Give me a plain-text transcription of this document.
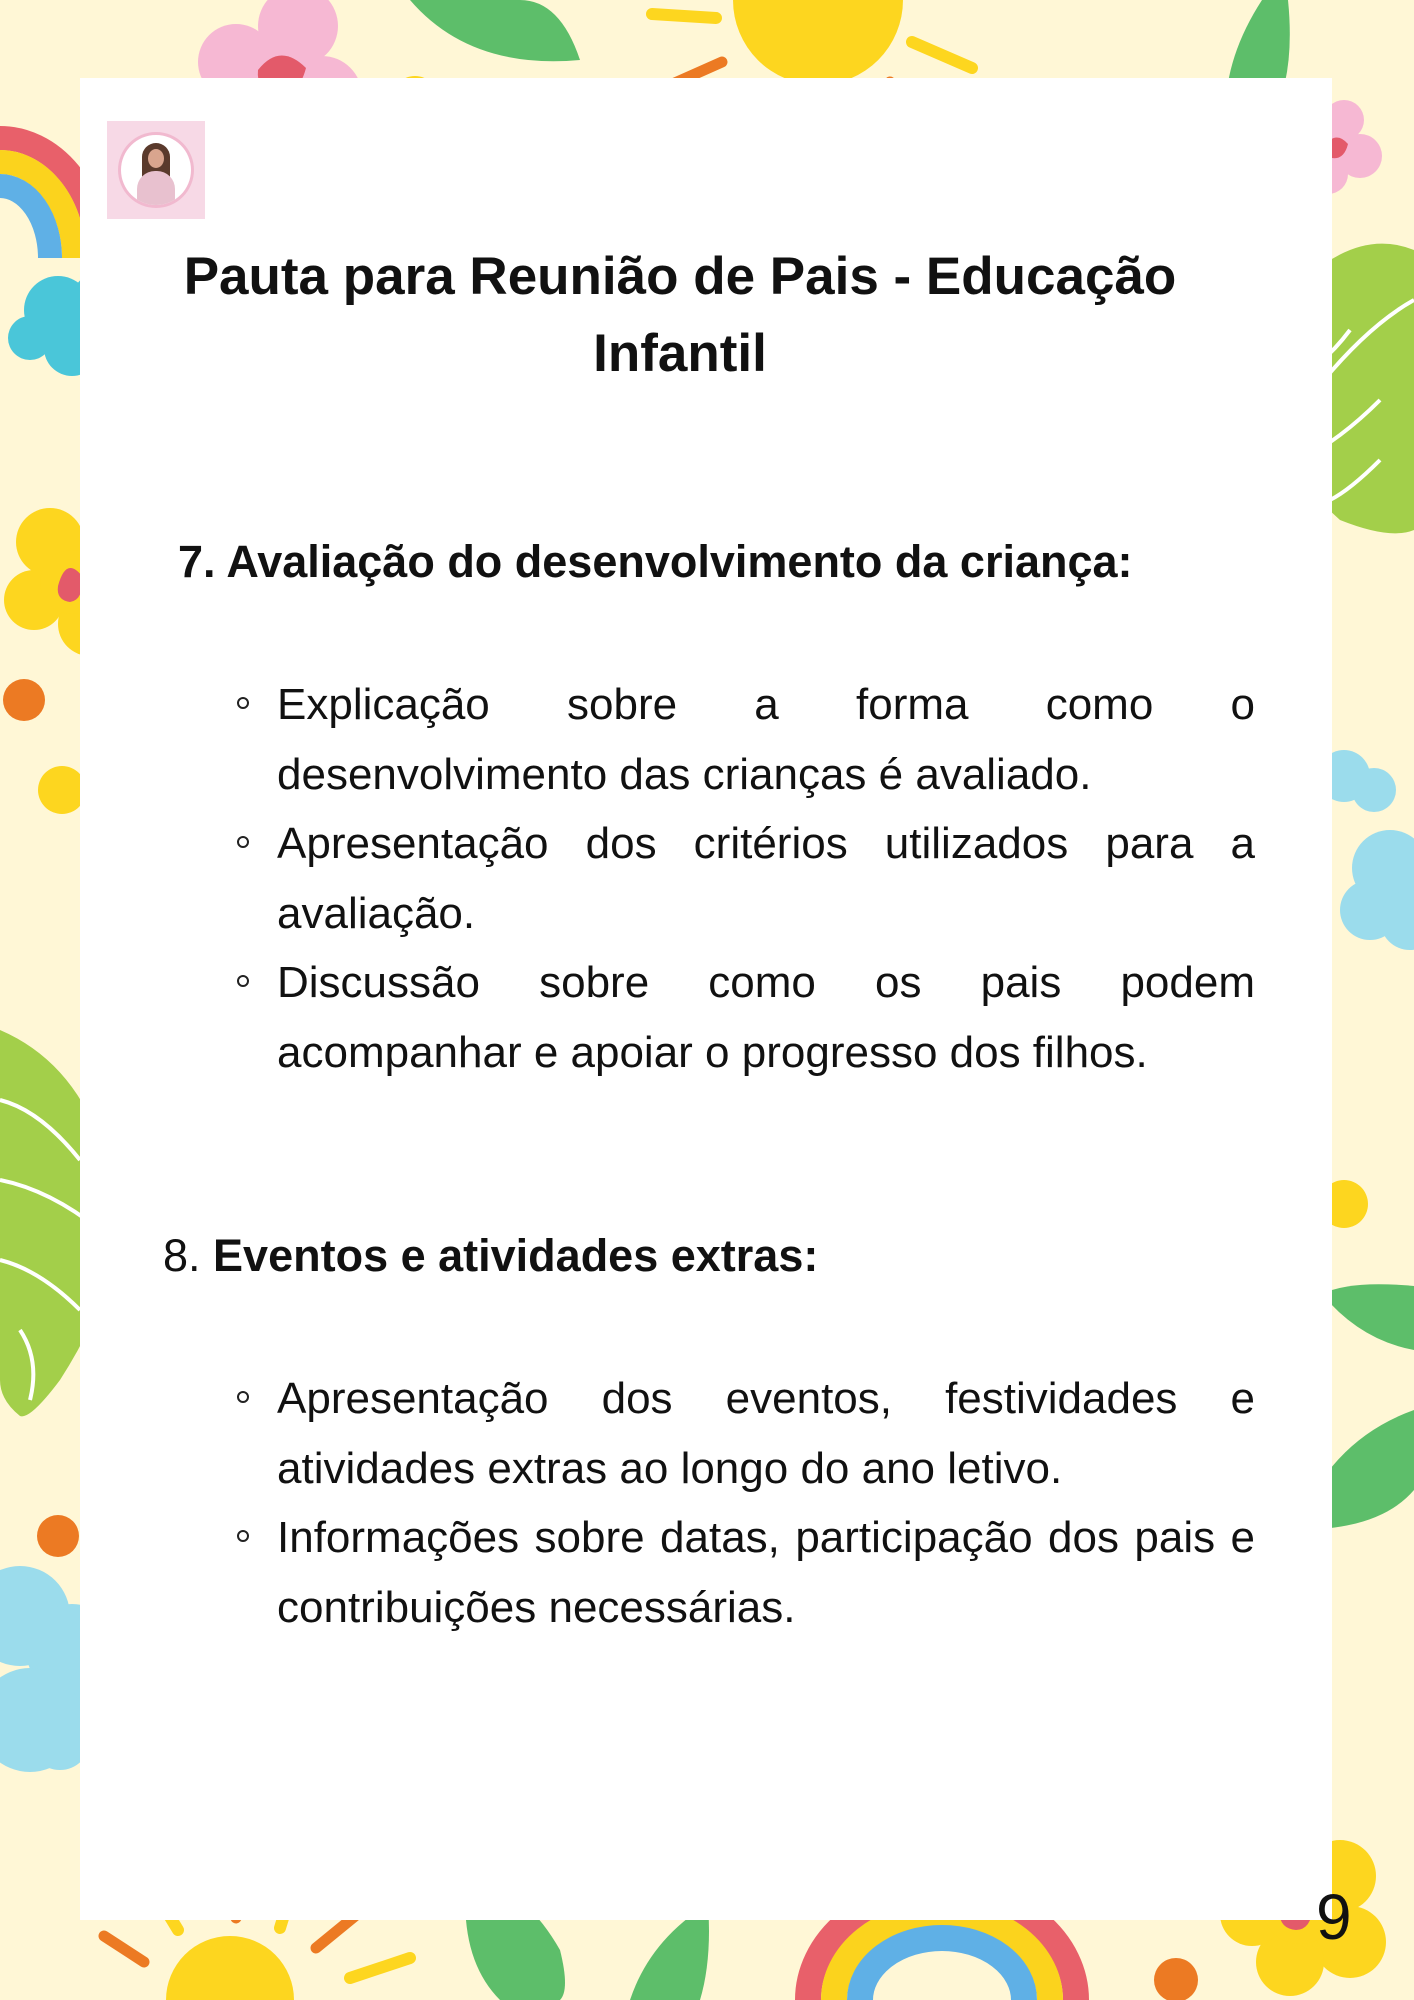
Pauta para Reunião de Pais - Educação Infantil
7. Avaliação do desenvolvimento da criança:
Explicação sobre a forma como o desenvolvimento das crianças é avaliado.
Apresentação dos critérios utilizados para a avaliação.
Discussão sobre como os pais podem acompanhar e apoiar o progresso dos filhos.
8. Eventos e atividades extras:
Apresentação dos eventos, festividades e atividades extras ao longo do ano letivo.
Informações sobre datas, participação dos pais e contribuições necessárias.
9
